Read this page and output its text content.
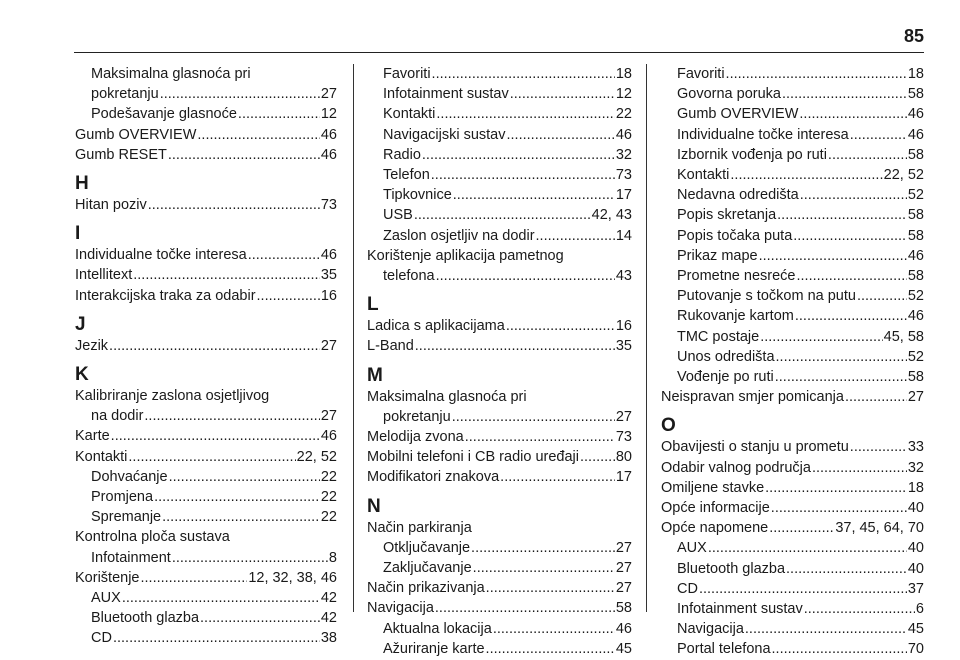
85
Maksimalna glasnoća pri
pokretanju .....	27
Podešavanje glasnoće .....	12
Gumb OVERVIEW .....	46
Gumb RESET .....	46
H
Hitan poziv .....	73
I
Individualne točke interesa .....	46
Intellitext .....	35
Interakcijska traka za odabir .....	16
J
Jezik .....	27
K
Kalibriranje zaslona osjetljivog
na dodir .....	27
Karte .....	46
Kontakti .....	22, 52
Dohvaćanje .....	22
Promjena .....	22
Spremanje .....	22
Kontrolna ploča sustava
Infotainment .....	8
Korištenje .....	12, 32, 38, 46
AUX .....	42
Bluetooth glazba .....	42
CD .....	38
Favoriti .....	18
Infotainment sustav .....	12
Kontakti .....	22
Navigacijski sustav .....	46
Radio .....	32
Telefon .....	73
Tipkovnice .....	17
USB .....	42, 43
Zaslon osjetljiv na dodir .....	14
Korištenje aplikacija pametnog
telefona .....	43
L
Ladica s aplikacijama .....	16
L-Band .....	35
M
Maksimalna glasnoća pri
pokretanju .....	27
Melodija zvona .....	73
Mobilni telefoni i CB radio uređaji .....	80
Modifikatori znakova .....	17
N
Način parkiranja
Otključavanje .....	27
Zaključavanje .....	27
Način prikazivanja .....	27
Navigacija .....	58
Aktualna lokacija .....	46
Ažuriranje karte .....	45
Favoriti .....	18
Govorna poruka .....	58
Gumb OVERVIEW .....	46
Individualne točke interesa .....	46
Izbornik vođenja po ruti .....	58
Kontakti .....	22, 52
Nedavna odredišta .....	52
Popis skretanja .....	58
Popis točaka puta .....	58
Prikaz mape .....	46
Prometne nesreće .....	58
Putovanje s točkom na putu .....	52
Rukovanje kartom .....	46
TMC postaje .....	45, 58
Unos odredišta .....	52
Vođenje po ruti .....	58
Neispravan smjer pomicanja .....	27
O
Obavijesti o stanju u prometu .....	33
Odabir valnog područja .....	32
Omiljene stavke .....	18
Opće informacije .....	40
Opće napomene .....	37, 45, 64, 70
AUX .....	40
Bluetooth glazba .....	40
CD .....	37
Infotainment sustav .....	6
Navigacija .....	45
Portal telefona .....	70
